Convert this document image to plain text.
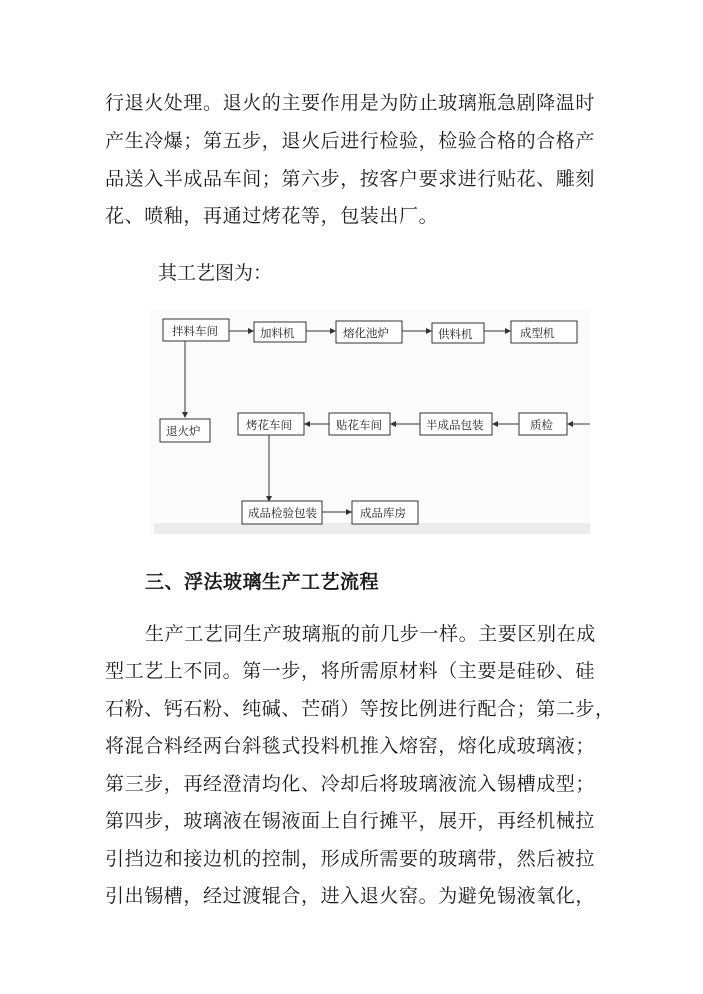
行退火处理。退火的主要作用是为防止玻璃瓶急剧降温时
产生冷爆；第五步，退火后进行检验，检验合格的合格产
品送入半成品车间；第六步，按客户要求进行贴花、雕刻
花、喷釉，再通过烤花等，包装出厂。
其工艺图为：
拌料车间	加料机	熔化池炉	供料机	成型机
退火炉	烤花车间	贴花车间	半成品包装	质检
成品检验包装	成品库房
三、浮法玻璃生产工艺流程
生产工艺同生产玻璃瓶的前几步一样。主要区别在成
型工艺上不同。第一步，将所需原材料（主要是硅砂、硅
石粉、钙石粉、纯碱、芒硝）等按比例进行配合；第二步，
将混合料经两台斜毯式投料机推入熔窑，熔化成玻璃液；
第三步，再经澄清均化、冷却后将玻璃液流入锡槽成型；
第四步，玻璃液在锡液面上自行摊平，展开，再经机械拉
引挡边和接边机的控制，形成所需要的玻璃带，然后被拉
引出锡槽，经过渡辊合，进入退火窑。为避免锡液氧化，
